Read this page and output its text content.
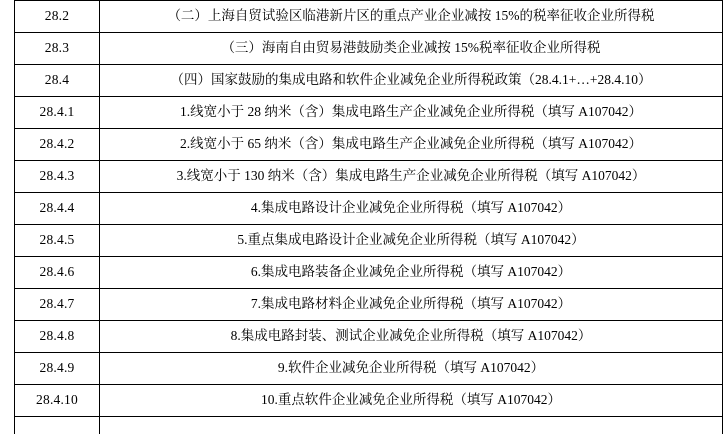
28.2	（二）上海自贸试验区临港新片区的重点产业企业减按 15%的税率征收企业所得税
28.3	（三）海南自由贸易港鼓励类企业减按 15%税率征收企业所得税
28.4	（四）国家鼓励的集成电路和软件企业减免企业所得税政策（28.4.1+…+28.4.10）
28.4.1	1.线宽小于 28 纳米（含）集成电路生产企业减免企业所得税（填写 A107042）
28.4.2	2.线宽小于 65 纳米（含）集成电路生产企业减免企业所得税（填写 A107042）
28.4.3	3.线宽小于 130 纳米（含）集成电路生产企业减免企业所得税（填写 A107042）
28.4.4	4.集成电路设计企业减免企业所得税（填写 A107042）
28.4.5	5.重点集成电路设计企业减免企业所得税（填写 A107042）
28.4.6	6.集成电路装备企业减免企业所得税（填写 A107042）
28.4.7	7.集成电路材料企业减免企业所得税（填写 A107042）
28.4.8	8.集成电路封装、测试企业减免企业所得税（填写 A107042）
28.4.9	9.软件企业减免企业所得税（填写 A107042）
28.4.10	10.重点软件企业减免企业所得税（填写 A107042）
